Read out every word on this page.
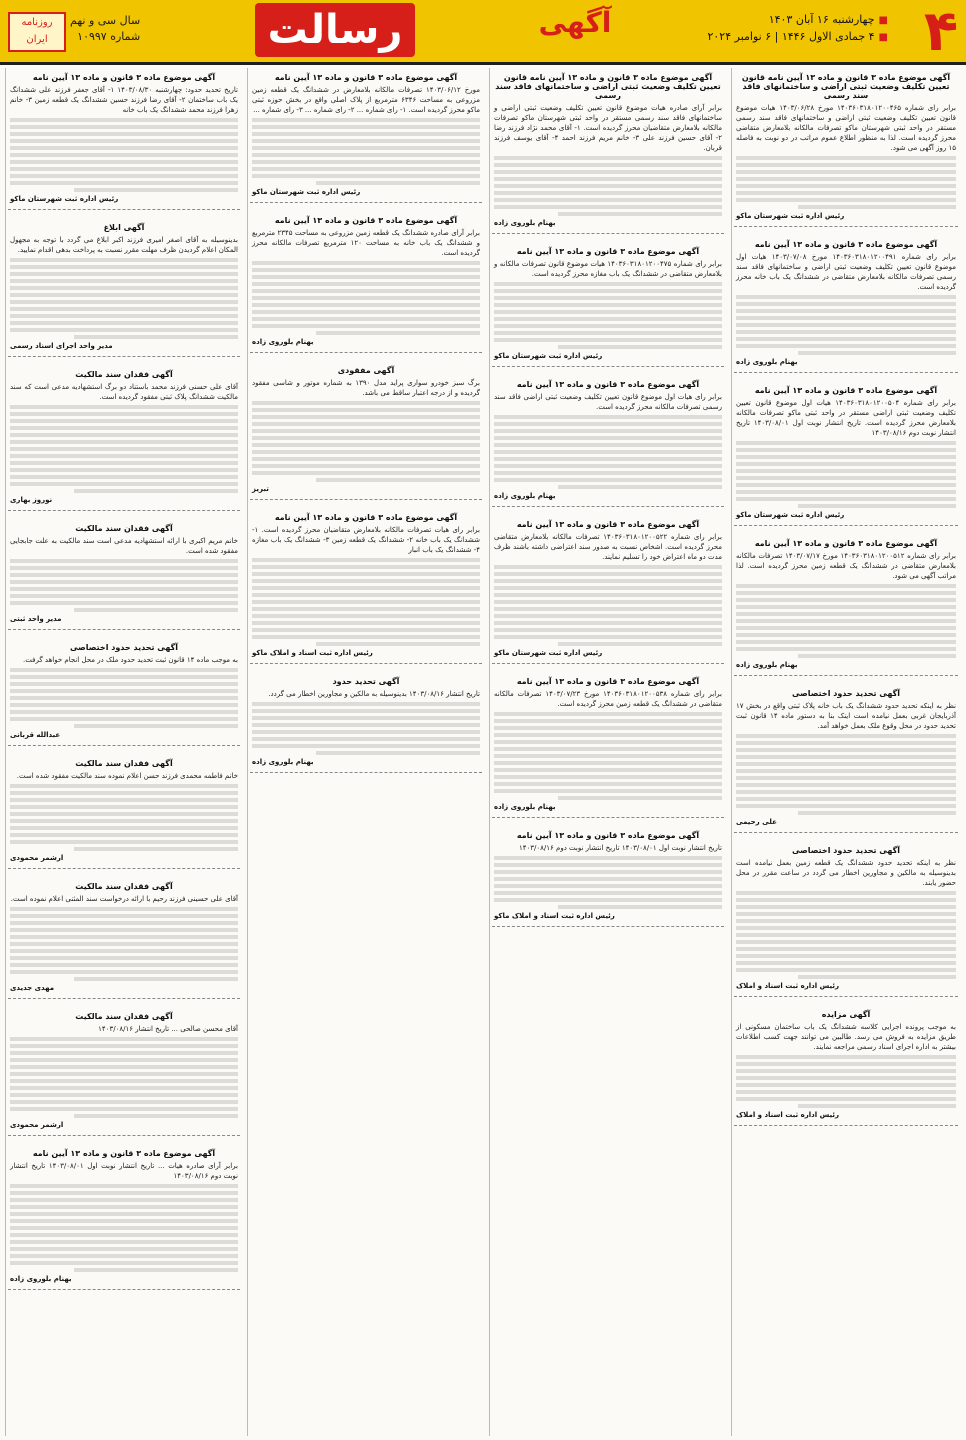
۴
■چهارشنبه ۱۶ آبان ۱۴۰۳
■۴ جمادی الاول ۱۴۴۶ | ۶ نوامبر ۲۰۲۴
آگهی
رسالت
سال سی و نهم
شماره ۱۰۹۹۷
روزنامه
ایران
آگهی موضوع ماده ۳ قانون و ماده ۱۳ آیین نامه قانون تعیین تکلیف وضعیت ثبتی اراضی و ساختمانهای فاقد سند رسمی

برابر رای شماره ۱۴۰۳۶۰۳۱۸۰۱۲۰۰۴۶۵ مورخ ۱۴۰۳/۰۶/۲۸ هیات موضوع قانون تعیین تکلیف وضعیت ثبتی اراضی و ساختمانهای فاقد سند رسمی مستقر در واحد ثبتی شهرستان ماکو تصرفات مالکانه بلامعارض متقاضی محرز گردیده است. لذا به منظور اطلاع عموم مراتب در دو نوبت به فاصله ۱۵ روز آگهی می شود.

رئیس اداره ثبت شهرستان ماکو
آگهی موضوع ماده ۳ قانون و ماده ۱۳ آیین نامه

برابر رای شماره ۱۴۰۳۶۰۳۱۸۰۱۲۰۰۴۹۱ مورخ ۱۴۰۳/۰۷/۰۸ هیات اول موضوع قانون تعیین تکلیف وضعیت ثبتی اراضی و ساختمانهای فاقد سند رسمی تصرفات مالکانه بلامعارض متقاضی در ششدانگ یک باب خانه محرز گردیده است.

بهنام بلوروی زاده
آگهی موضوع ماده ۳ قانون و ماده ۱۳ آیین نامه

برابر رای شماره ۱۴۰۳۶۰۳۱۸۰۱۲۰۰۵۰۴ هیات اول موضوع قانون تعیین تکلیف وضعیت ثبتی اراضی مستقر در واحد ثبتی ماکو تصرفات مالکانه بلامعارض محرز گردیده است. تاریخ انتشار نوبت اول ۱۴۰۳/۰۸/۰۱ تاریخ انتشار نوبت دوم ۱۴۰۳/۰۸/۱۶

رئیس اداره ثبت شهرستان ماکو
آگهی موضوع ماده ۳ قانون و ماده ۱۳ آیین نامه

برابر رای شماره ۱۴۰۳۶۰۳۱۸۰۱۲۰۰۵۱۲ مورخ ۱۴۰۳/۰۷/۱۷ تصرفات مالکانه بلامعارض متقاضی در ششدانگ یک قطعه زمین محرز گردیده است. لذا مراتب آگهی می شود.

بهنام بلوروی زاده
آگهی تحدید حدود اختصاصی

نظر به اینکه تحدید حدود ششدانگ یک باب خانه پلاک ثبتی واقع در بخش ۱۷ آذربایجان غربی بعمل نیامده است اینک بنا به دستور ماده ۱۴ قانون ثبت تحدید حدود در محل وقوع ملک بعمل خواهد آمد.

علی رحیمی
آگهی تحدید حدود اختصاصی

نظر به اینکه تحدید حدود ششدانگ یک قطعه زمین بعمل نیامده است بدینوسیله به مالکین و مجاورین اخطار می گردد در ساعت مقرر در محل حضور یابند.

رئیس اداره ثبت اسناد و املاک
آگهی مزایده

به موجب پرونده اجرایی کلاسه ششدانگ یک باب ساختمان مسکونی از طریق مزایده به فروش می رسد. طالبین می توانند جهت کسب اطلاعات بیشتر به اداره اجرای اسناد رسمی مراجعه نمایند.

رئیس اداره ثبت اسناد و املاک
آگهی موضوع ماده ۳ قانون و ماده ۱۳ آیین نامه قانون تعیین تکلیف وضعیت ثبتی اراضی و ساختمانهای فاقد سند رسمی

برابر آرای صادره هیات موضوع قانون تعیین تکلیف وضعیت ثبتی اراضی و ساختمانهای فاقد سند رسمی مستقر در واحد ثبتی شهرستان ماکو تصرفات مالکانه بلامعارض متقاضیان محرز گردیده است. ۱- آقای محمد نژاد فرزند رضا ۲- آقای حسین فرزند علی ۳- خانم مریم فرزند احمد ۴- آقای یوسف فرزند قربان.

بهنام بلوروی زاده
آگهی موضوع ماده ۳ قانون و ماده ۱۳ آیین نامه

برابر رای شماره ۱۴۰۳۶۰۳۱۸۰۱۲۰۰۴۷۵ هیات موضوع قانون تصرفات مالکانه و بلامعارض متقاضی در ششدانگ یک باب مغازه محرز گردیده است.

رئیس اداره ثبت شهرستان ماکو
آگهی موضوع ماده ۳ قانون و ماده ۱۳ آیین نامه

برابر رای هیات اول موضوع قانون تعیین تکلیف وضعیت ثبتی اراضی فاقد سند رسمی تصرفات مالکانه محرز گردیده است.

بهنام بلوروی زاده
آگهی موضوع ماده ۳ قانون و ماده ۱۳ آیین نامه

برابر رای شماره ۱۴۰۳۶۰۳۱۸۰۱۲۰۰۵۲۲ تصرفات مالکانه بلامعارض متقاضی محرز گردیده است. اشخاص نسبت به صدور سند اعتراضی داشته باشند ظرف مدت دو ماه اعتراض خود را تسلیم نمایند.

رئیس اداره ثبت شهرستان ماکو
آگهی موضوع ماده ۳ قانون و ماده ۱۳ آیین نامه

برابر رای شماره ۱۴۰۳۶۰۳۱۸۰۱۲۰۰۵۳۸ مورخ ۱۴۰۳/۰۷/۲۳ تصرفات مالکانه متقاضی در ششدانگ یک قطعه زمین محرز گردیده است.

بهنام بلوروی زاده
آگهی موضوع ماده ۳ قانون و ماده ۱۳ آیین نامه

تاریخ انتشار نوبت اول ۱۴۰۳/۰۸/۰۱ تاریخ انتشار نوبت دوم ۱۴۰۳/۰۸/۱۶

رئیس اداره ثبت اسناد و املاک ماکو
آگهی موضوع ماده ۳ قانون و ماده ۱۳ آیین نامه

مورخ ۱۴۰۳/۰۶/۱۲ تصرفات مالکانه بلامعارض در ششدانگ یک قطعه زمین مزروعی به مساحت ۶۳۴۶ مترمربع از پلاک اصلی واقع در بخش حوزه ثبتی ماکو محرز گردیده است. ۱- رای شماره ... ۲- رای شماره ... ۳- رای شماره ...

رئیس اداره ثبت شهرستان ماکو
آگهی موضوع ماده ۳ قانون و ماده ۱۳ آیین نامه

برابر آرای صادره ششدانگ یک قطعه زمین مزروعی به مساحت ۲۳۴۵ مترمربع و ششدانگ یک باب خانه به مساحت ۱۲۰ مترمربع تصرفات مالکانه محرز گردیده است.

بهنام بلوروی زاده
آگهی مفقودی

برگ سبز خودرو سواری پراید مدل ۱۳۹۰ به شماره موتور و شاسی مفقود گردیده و از درجه اعتبار ساقط می باشد.

تبریز
آگهی موضوع ماده ۳ قانون و ماده ۱۳ آیین نامه

برابر رای هیات تصرفات مالکانه بلامعارض متقاضیان محرز گردیده است. ۱- ششدانگ یک باب خانه ۲- ششدانگ یک قطعه زمین ۳- ششدانگ یک باب مغازه ۴- ششدانگ یک باب انبار

رئیس اداره ثبت اسناد و املاک ماکو
آگهی تحدید حدود

تاریخ انتشار ۱۴۰۳/۰۸/۱۶ بدینوسیله به مالکین و مجاورین اخطار می گردد.

بهنام بلوروی زاده
آگهی موضوع ماده ۳ قانون و ماده ۱۳ آیین نامه

تاریخ تحدید حدود: چهارشنبه ۱۴۰۳/۰۸/۳۰ ۱- آقای جعفر فرزند علی ششدانگ یک باب ساختمان ۲- آقای رضا فرزند حسین ششدانگ یک قطعه زمین ۳- خانم زهرا فرزند محمد ششدانگ یک باب خانه

رئیس اداره ثبت شهرستان ماکو
آگهی ابلاغ

بدینوسیله به آقای اصغر امیری فرزند اکبر ابلاغ می گردد با توجه به مجهول المکان اعلام گردیدن ظرف مهلت مقرر نسبت به پرداخت بدهی اقدام نمایید.

مدیر واحد اجرای اسناد رسمی
آگهی فقدان سند مالکیت

آقای علی حسنی فرزند محمد باستناد دو برگ استشهادیه مدعی است که سند مالکیت ششدانگ پلاک ثبتی مفقود گردیده است.

نوروز بهاری
آگهی فقدان سند مالکیت

خانم مریم اکبری با ارائه استشهادیه مدعی است سند مالکیت به علت جابجایی مفقود شده است.

مدیر واحد ثبتی
آگهی تحدید حدود اختصاصی

به موجب ماده ۱۴ قانون ثبت تحدید حدود ملک در محل انجام خواهد گرفت.

عبدالله قربانی
آگهی فقدان سند مالکیت

خانم فاطمه محمدی فرزند حسن اعلام نموده سند مالکیت مفقود شده است.

ارشمر محمودی
آگهی فقدان سند مالکیت

آقای علی حسینی فرزند رحیم با ارائه درخواست سند المثنی اعلام نموده است.

مهدی جدیدی
آگهی فقدان سند مالکیت

آقای محسن صالحی ... تاریخ انتشار ۱۴۰۳/۰۸/۱۶

ارشمر محمودی
آگهی موضوع ماده ۳ قانون و ماده ۱۳ آیین نامه

برابر آرای صادره هیات ... تاریخ انتشار نوبت اول ۱۴۰۳/۰۸/۰۱ تاریخ انتشار نوبت دوم ۱۴۰۳/۰۸/۱۶

بهنام بلوروی زاده
